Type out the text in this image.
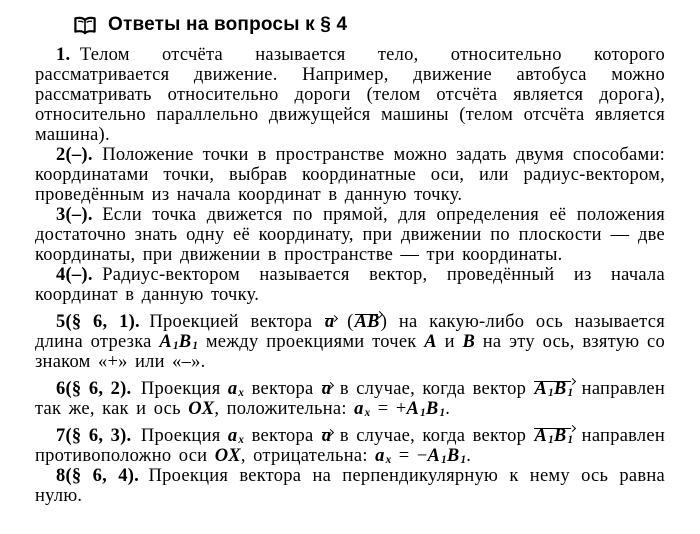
Ответы на вопросы к § 4

1. Телом отсчёта называется тело, относительно которого рассматривается движение. Например, движение автобуса можно рассматривать относительно дороги (телом отсчёта является дорога), относительно параллельно движущейся машины (телом отсчёта является машина).

2(–). Положение точки в пространстве можно задать двумя способами: координатами точки, выбрав координатные оси, или радиус-вектором, проведённым из начала координат в данную точку.

3(–). Если точка движется по прямой, для определения её положения достаточно знать одну её координату, при движении по плоскости — две координаты, при движении в пространстве — три координаты.

4(–). Радиус-вектором называется вектор, проведённый из начала координат в данную точку.

5(§ 6, 1). Проекцией вектора a (AB) на какую-либо ось называется длина отрезка A1B1 между проекциями точек A и B на эту ось, взятую со знаком «+» или «–».

6(§ 6, 2). Проекция ax вектора a в случае, когда вектор A1B1 направлен так же, как и ось OX, положительна: ax = +A1B1.

7(§ 6, 3). Проекция ax вектора a в случае, когда вектор A1B1 направлен противоположно оси OX, отрицательна: ax = −A1B1.

8(§ 6, 4). Проекция вектора на перпендикулярную к нему ось равна нулю.
